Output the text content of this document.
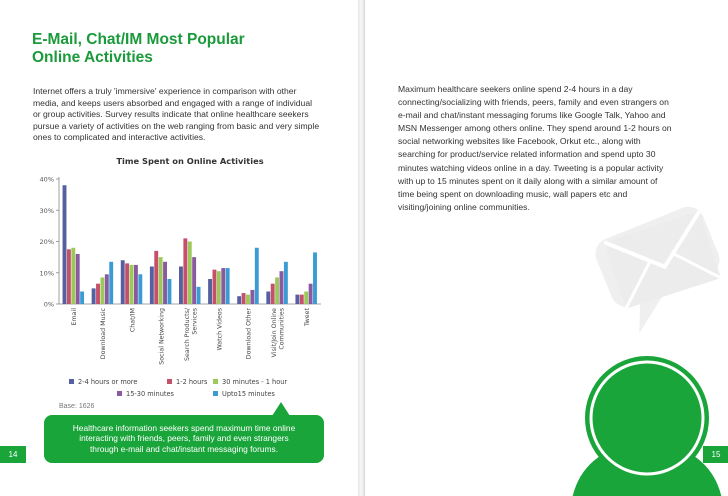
E-Mail, Chat/IM Most Popular
Online Activities

Internet offers a truly 'immersive' experience in comparison with other
media, and keeps users absorbed and engaged with a range of individual
or group activities. Survey results indicate that online healthcare seekers
pursue a variety of activities on the web ranging from basic and very simple
ones to complicated and interactive activities.

Time Spent on Online Activities
0%
10%
20%
30%
40%
Email	Download Music	Chat/IM	Social Networking	Search Products/ Services	Watch Videos	Download Other	Visit/Join Online Communities	Tweet
2-4 hours or more	1-2 hours 30 minutes - 1 hour
15-30 minutes	Upto15 minutes
Base: 1626

Healthcare information seekers spend maximum time online
interacting with friends, peers, family and even strangers
through e-mail and chat/instant messaging forums.

14

Maximum healthcare seekers online spend 2-4 hours in a day
connecting/socializing with friends, peers, family and even strangers on
e-mail and chat/instant messaging forums like Google Talk, Yahoo and
MSN Messenger among others online. They spend around 1-2 hours on
social networking websites like Facebook, Orkut etc., along with
searching for product/service related information and spend upto 30
minutes watching videos online in a day. Tweeting is a popular activity
with up to 15 minutes spent on it daily along with a similar amount of
time being spent on downloading music, wall papers etc and
visiting/joining online communities.

15
